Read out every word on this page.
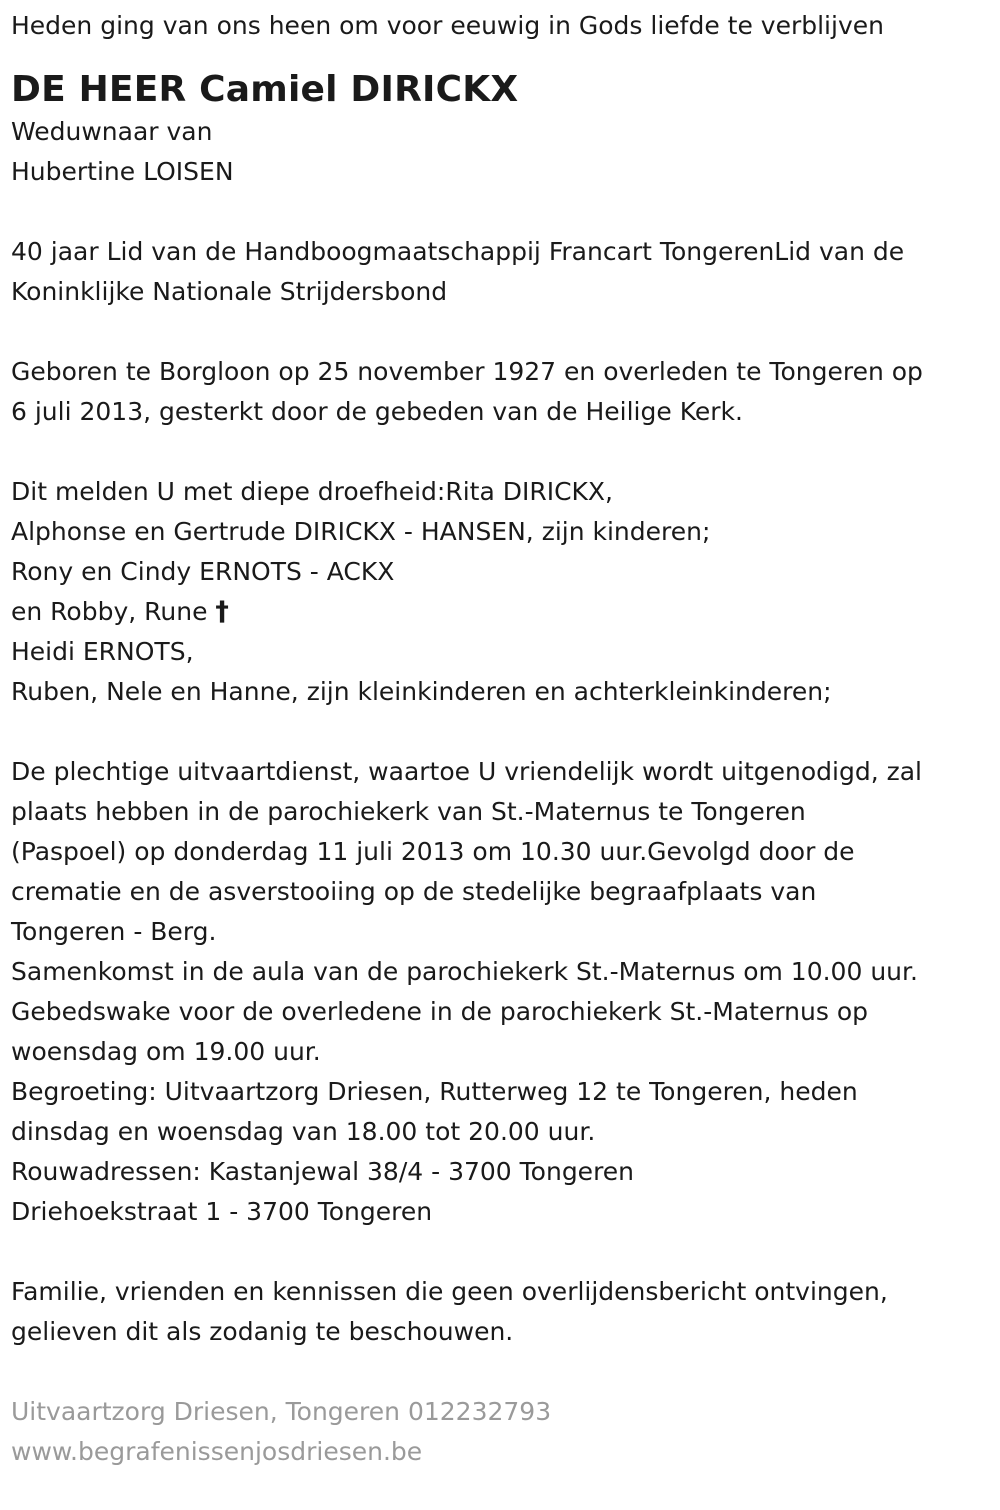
Heden ging van ons heen om voor eeuwig in Gods liefde te verblijven

DE HEER Camiel DIRICKX

Weduwnaar van

Hubertine LOISEN

40 jaar Lid van de Handboogmaatschappij Francart TongerenLid van de

Koninklijke Nationale Strijdersbond

Geboren te Borgloon op 25 november 1927 en overleden te Tongeren op

6 juli 2013, gesterkt door de gebeden van de Heilige Kerk.

Dit melden U met diepe droefheid:Rita DIRICKX,

Alphonse en Gertrude DIRICKX - HANSEN, zijn kinderen;

Rony en Cindy ERNOTS - ACKX

en Robby, Rune †

Heidi ERNOTS,

Ruben, Nele en Hanne, zijn kleinkinderen en achterkleinkinderen;

De plechtige uitvaartdienst, waartoe U vriendelijk wordt uitgenodigd, zal

plaats hebben in de parochiekerk van St.-Maternus te Tongeren

(Paspoel) op donderdag 11 juli 2013 om 10.30 uur.Gevolgd door de

crematie en de asverstooiing op de stedelijke begraafplaats van

Tongeren - Berg.

Samenkomst in de aula van de parochiekerk St.-Maternus om 10.00 uur.

Gebedswake voor de overledene in de parochiekerk St.-Maternus op

woensdag om 19.00 uur.

Begroeting: Uitvaartzorg Driesen, Rutterweg 12 te Tongeren, heden

dinsdag en woensdag van 18.00 tot 20.00 uur.

Rouwadressen: Kastanjewal 38/4 - 3700 Tongeren

Driehoekstraat 1 - 3700 Tongeren

Familie, vrienden en kennissen die geen overlijdensbericht ontvingen,

gelieven dit als zodanig te beschouwen.

Uitvaartzorg Driesen, Tongeren 012232793

www.begrafenissenjosdriesen.be
